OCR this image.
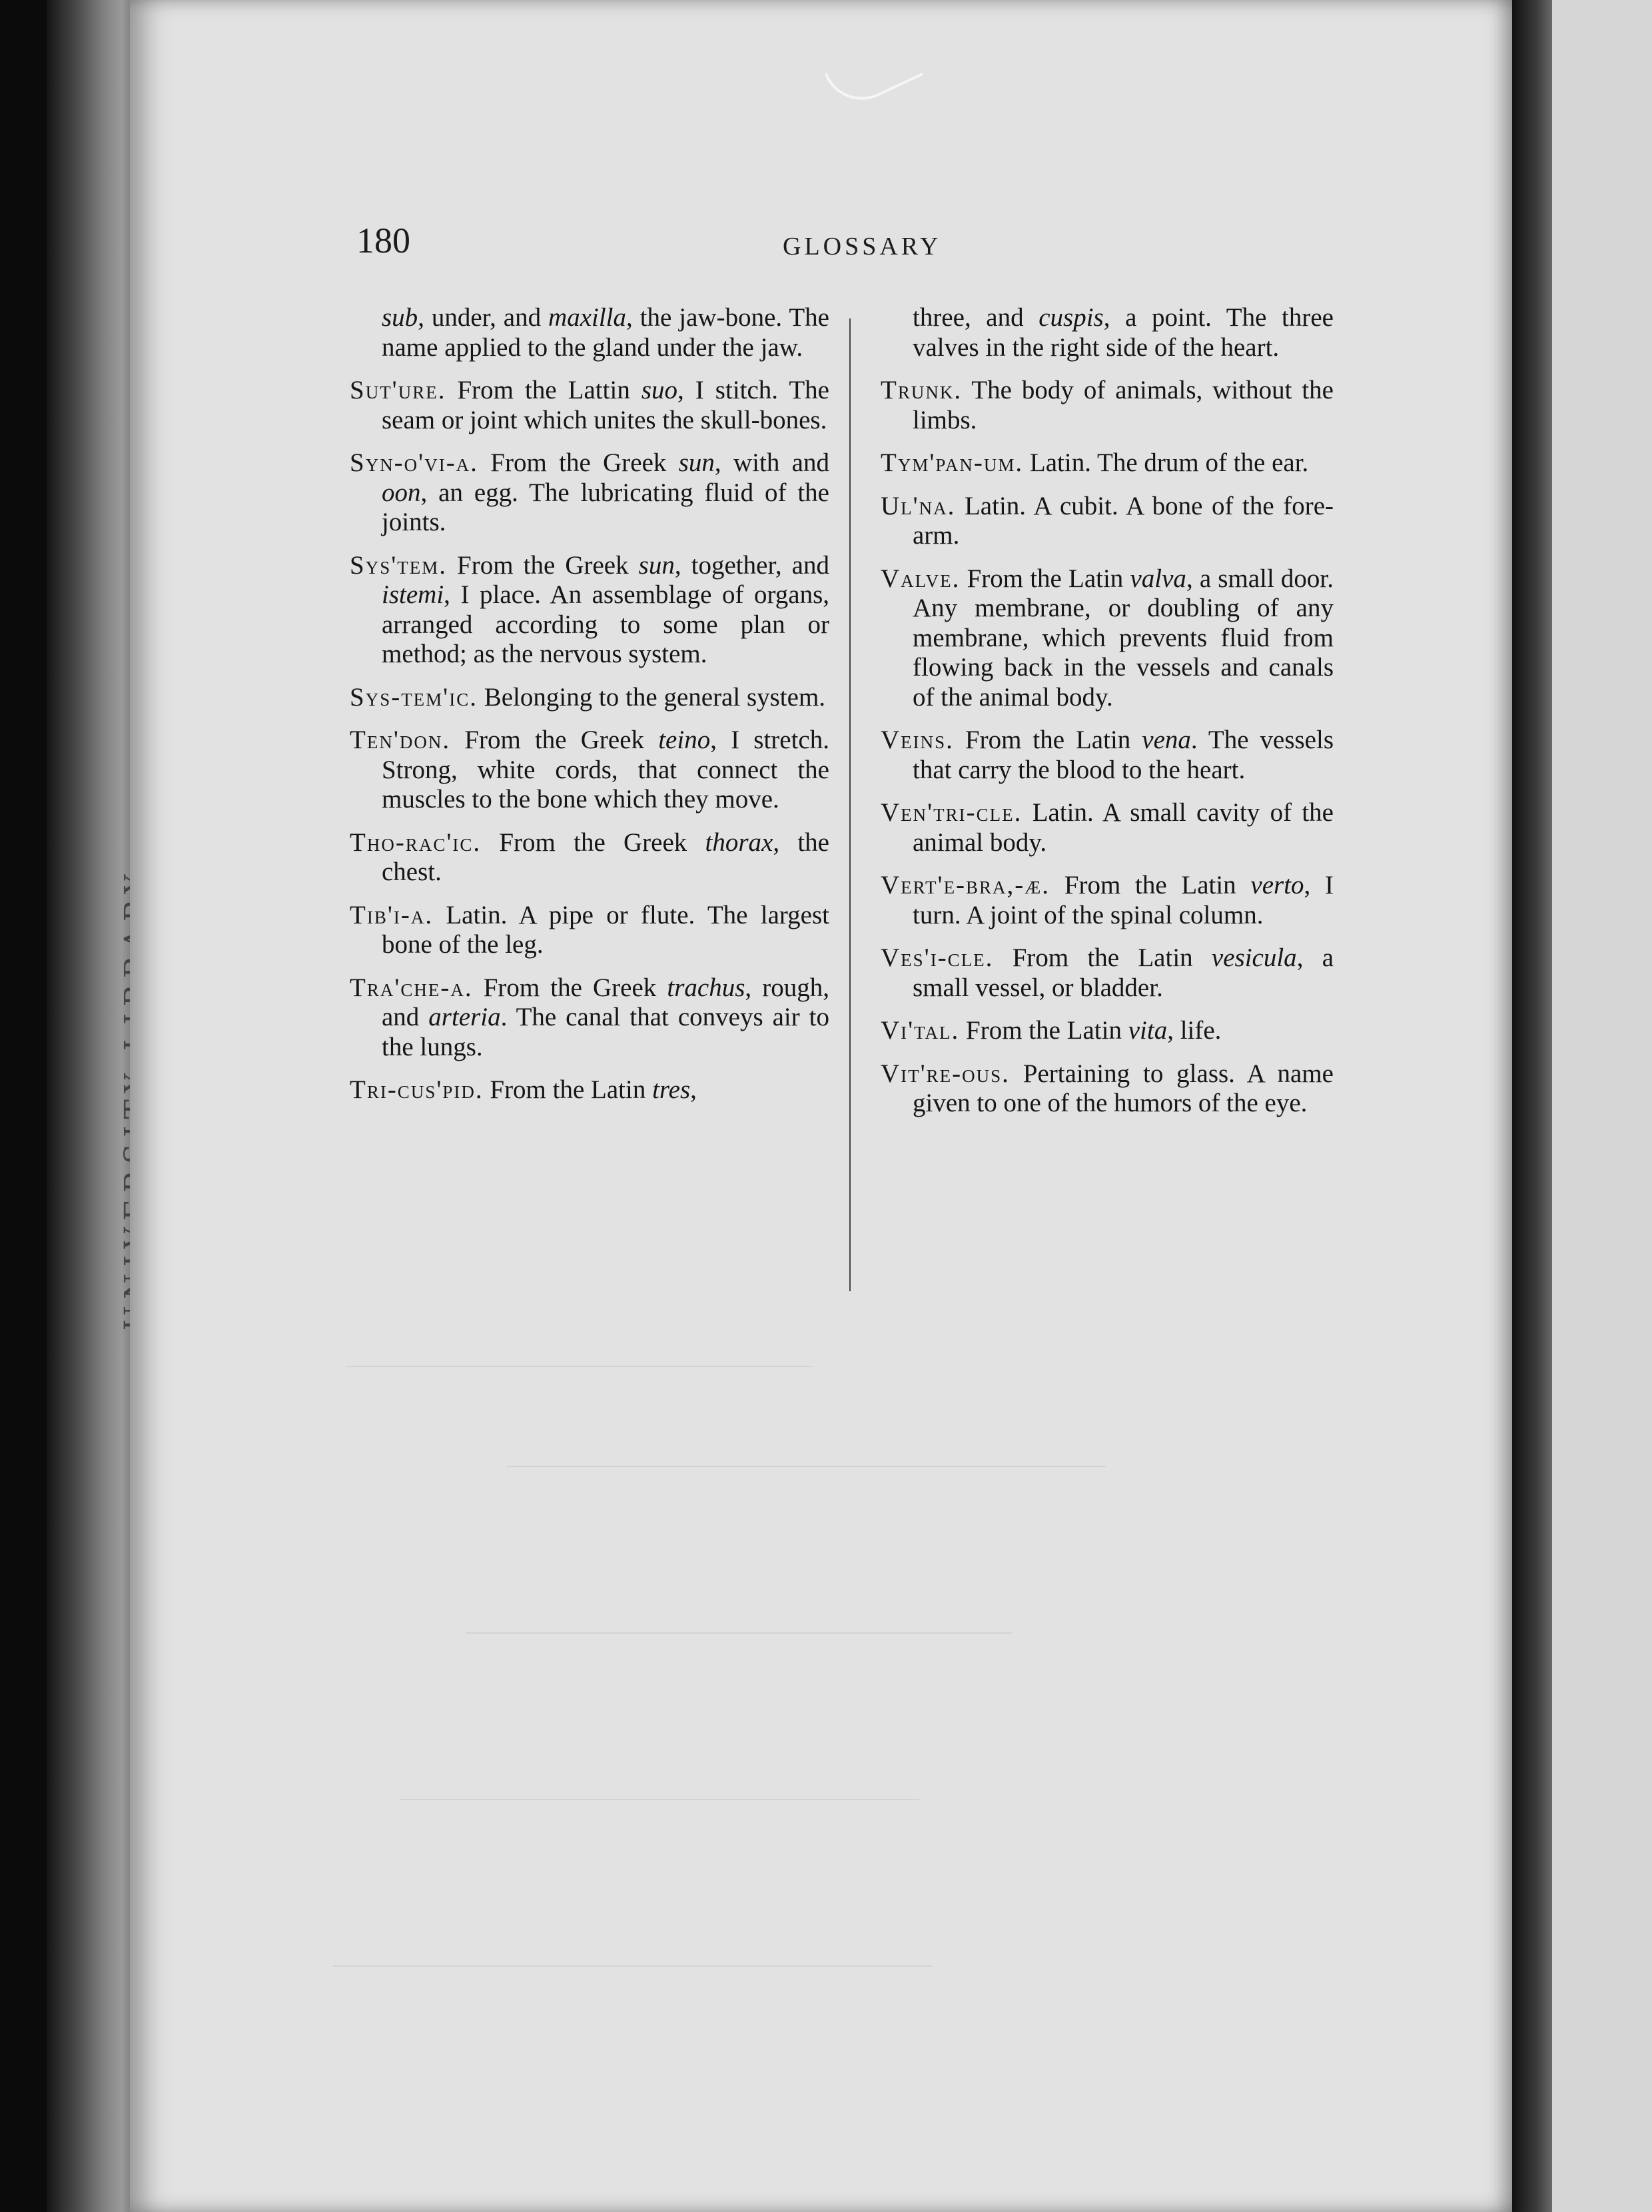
180	GLOSSARY

sub, under, and maxilla, the jaw-bone. The name applied to the gland under the jaw.

Sut'ure. From the Lattin suo, I stitch. The seam or joint which unites the skull-bones.

Syn-o'vi-a. From the Greek sun, with and oon, an egg. The lubricating fluid of the joints.

Sys'tem. From the Greek sun, together, and istemi, I place. An assemblage of organs, arranged according to some plan or method; as the nervous system.

Sys-tem'ic. Belonging to the general system.

Ten'don. From the Greek teino, I stretch. Strong, white cords, that connect the muscles to the bone which they move.

Tho-rac'ic. From the Greek thorax, the chest.

Tib'i-a. Latin. A pipe or flute. The largest bone of the leg.

Tra'che-a. From the Greek trachus, rough, and arteria. The canal that conveys air to the lungs.

Tri-cus'pid. From the Latin tres,

three, and cuspis, a point. The three valves in the right side of the heart.

Trunk. The body of animals, without the limbs.

Tym'pan-um. Latin. The drum of the ear.

Ul'na. Latin. A cubit. A bone of the fore-arm.

Valve. From the Latin valva, a small door. Any membrane, or doubling of any membrane, which prevents fluid from flowing back in the vessels and canals of the animal body.

Veins. From the Latin vena. The vessels that carry the blood to the heart.

Ven'tri-cle. Latin. A small cavity of the animal body.

Vert'e-bra,-æ. From the Latin verto, I turn. A joint of the spinal column.

Ves'i-cle. From the Latin vesicula, a small vessel, or bladder.

Vi'tal. From the Latin vita, life.

Vit're-ous. Pertaining to glass. A name given to one of the humors of the eye.
